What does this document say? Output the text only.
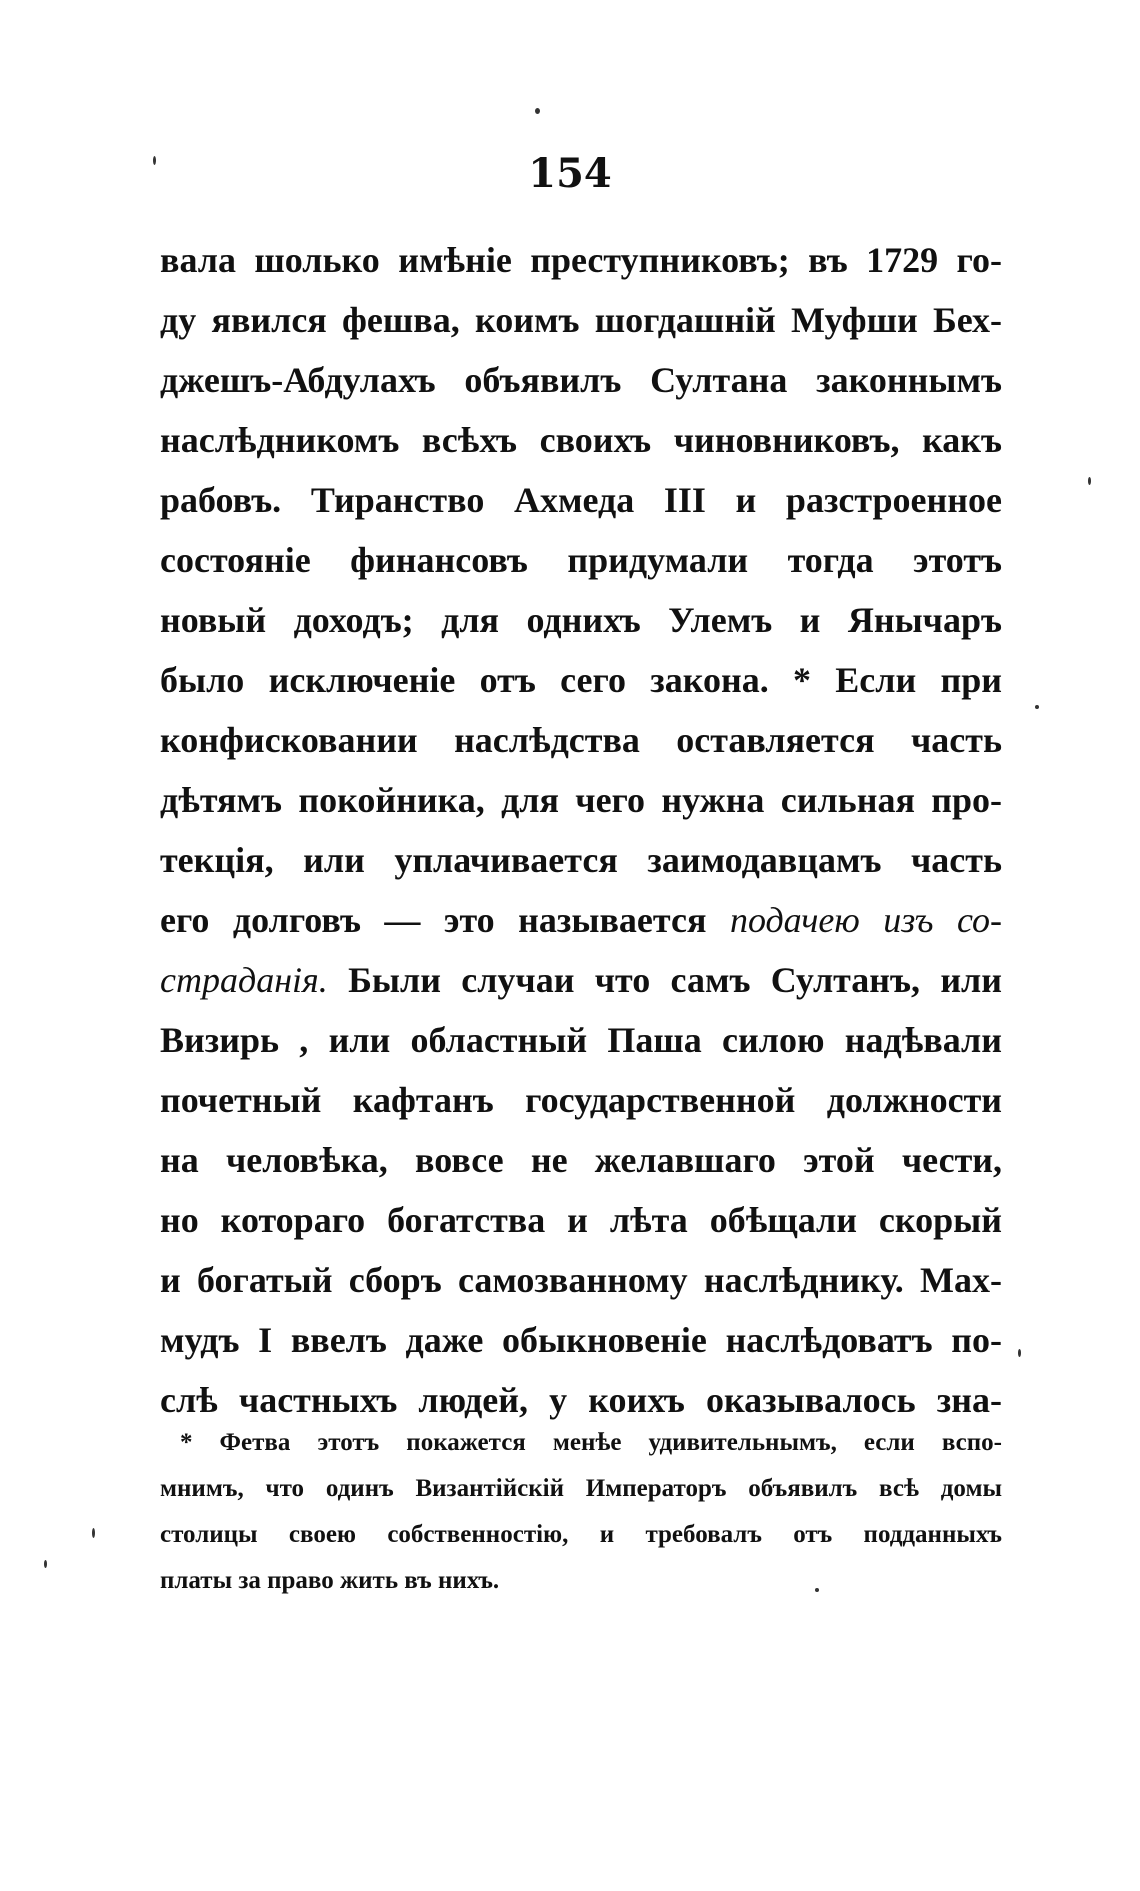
154
вала шолько имѣніе преступниковъ; въ 1729 го-
ду явился фешва, коимъ шогдашній Муфши Бех-
джешъ-Абдулахъ объявилъ Султана законнымъ
наслѣдникомъ всѣхъ своихъ чиновниковъ, какъ
рабовъ. Тиранство Ахмеда III и разстроенное
состояніе финансовъ придумали тогда этотъ
новый доходъ; для однихъ Улемъ и Янычаръ
было исключеніе отъ сего закона. * Если при
конфисковании наслѣдства оставляется часть
дѣтямъ покойника, для чего нужна сильная про-
текція, или уплачивается заимодавцамъ часть
его долговъ — это называется подачею изъ со-
страданія. Были случаи что самъ Султанъ, или
Визирь , или областный Паша силою надѣвали
почетный кафтанъ государственной должности
на человѣка, вовсе не желавшаго этой чести,
но котораго богатства и лѣта обѣщали скорый
и богатый сборъ самозванному наслѣднику. Мах-
мудъ I ввелъ даже обыкновеніе наслѣдоватъ по-
слѣ частныхъ людей, у коихъ оказывалось зна-
* Фетва этотъ покажется менѣе удивительнымъ, если вспо-
мнимъ, что одинъ Византійскій Императоръ объявилъ всѣ домы
столицы своею собственностію, и требовалъ отъ подданныхъ
платы за право жить въ нихъ.
